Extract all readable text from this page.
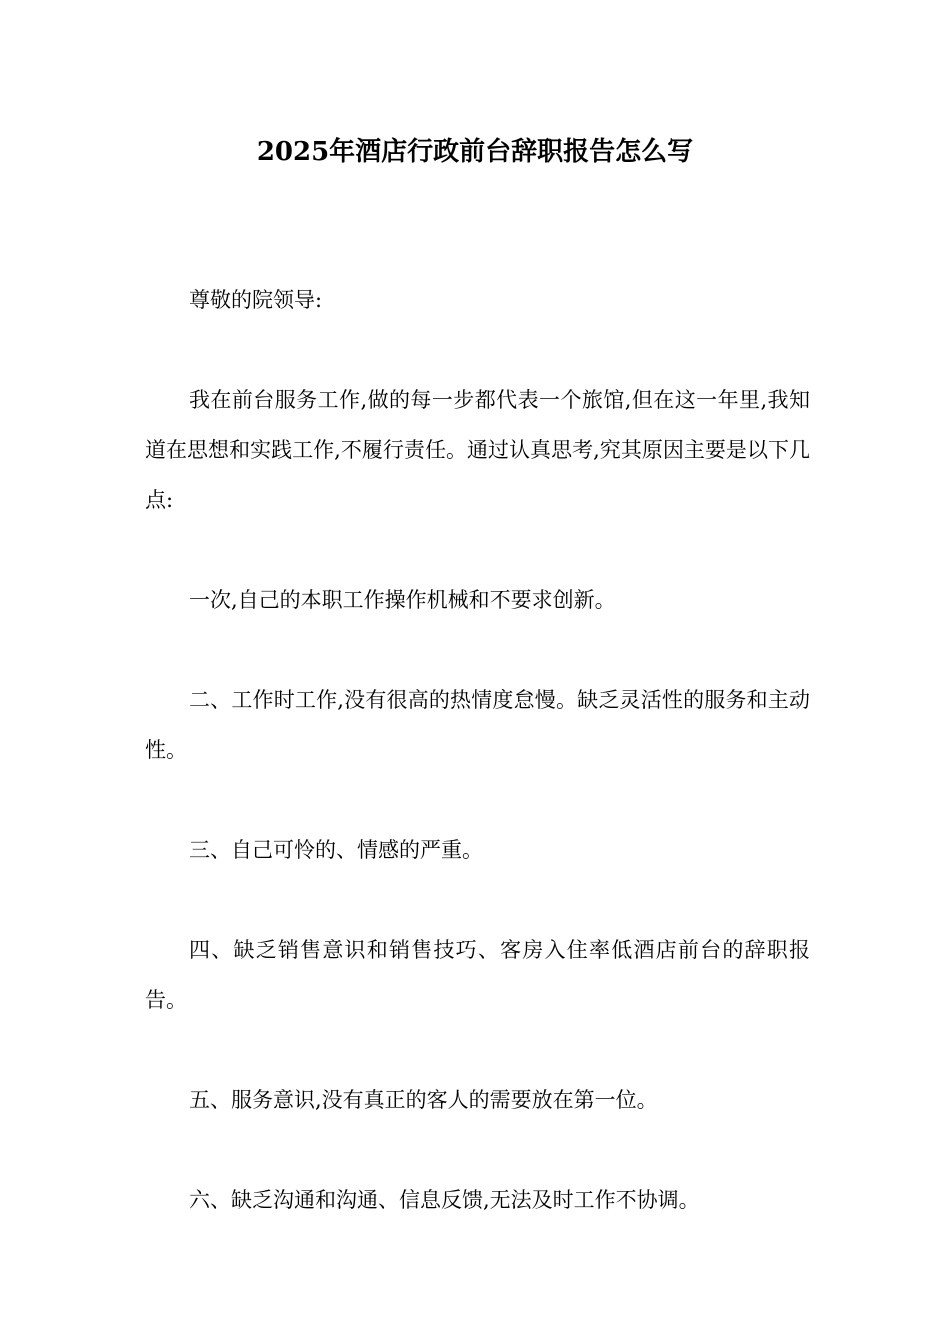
2025年酒店行政前台辞职报告怎么写

尊敬的院领导:

我在前台服务工作,做的每一步都代表一个旅馆,但在这一年里,我知道在思想和实践工作,不履行责任。通过认真思考,究其原因主要是以下几点:

一次,自己的本职工作操作机械和不要求创新。

二、工作时工作,没有很高的热情度怠慢。缺乏灵活性的服务和主动性。

三、自己可怜的、情感的严重。

四、缺乏销售意识和销售技巧、客房入住率低酒店前台的辞职报告。

五、服务意识,没有真正的客人的需要放在第一位。

六、缺乏沟通和沟通、信息反馈,无法及时工作不协调。
